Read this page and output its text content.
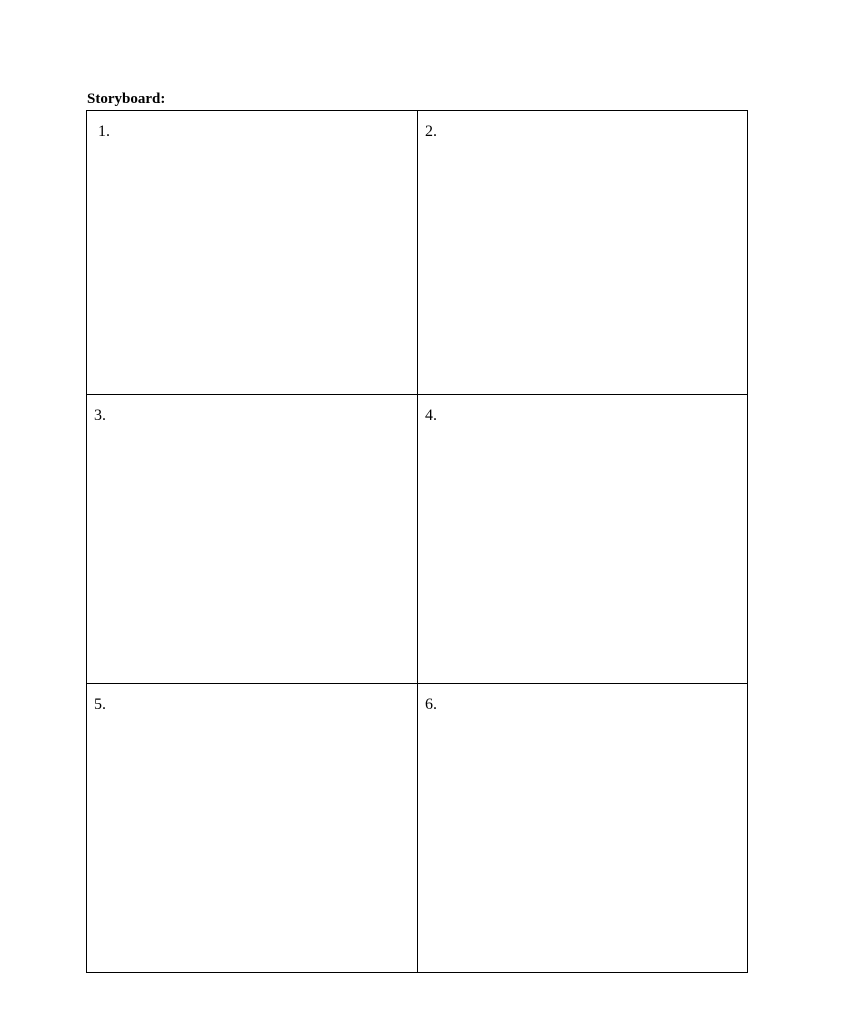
Storyboard:
1.	2.
3.	4.
5.	6.
